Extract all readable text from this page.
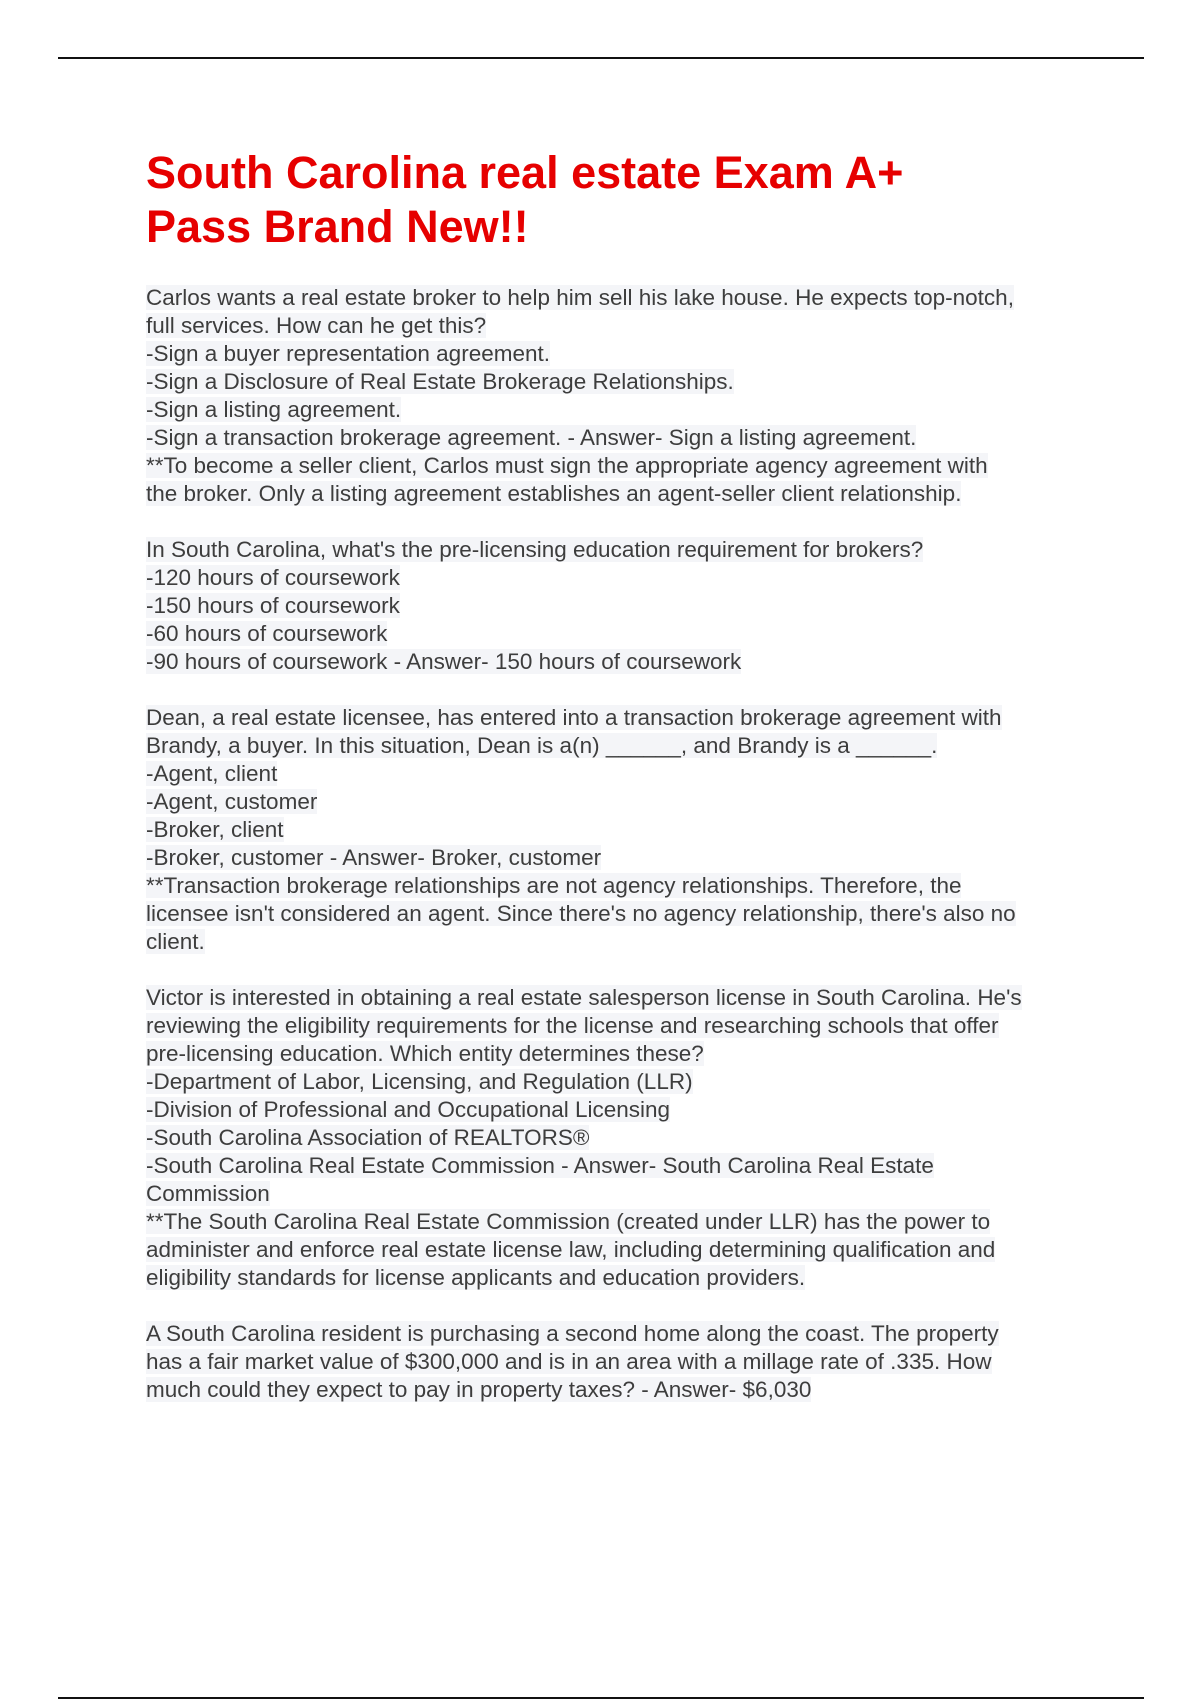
South Carolina real estate Exam A+ Pass Brand New!!
Carlos wants a real estate broker to help him sell his lake house. He expects top-notch,
full services. How can he get this?
-Sign a buyer representation agreement.
-Sign a Disclosure of Real Estate Brokerage Relationships.
-Sign a listing agreement.
-Sign a transaction brokerage agreement. - Answer- Sign a listing agreement.
**To become a seller client, Carlos must sign the appropriate agency agreement with
the broker. Only a listing agreement establishes an agent-seller client relationship.
In South Carolina, what's the pre-licensing education requirement for brokers?
-120 hours of coursework
-150 hours of coursework
-60 hours of coursework
-90 hours of coursework - Answer- 150 hours of coursework
Dean, a real estate licensee, has entered into a transaction brokerage agreement with
Brandy, a buyer. In this situation, Dean is a(n) ______, and Brandy is a ______.
-Agent, client
-Agent, customer
-Broker, client
-Broker, customer - Answer- Broker, customer
**Transaction brokerage relationships are not agency relationships. Therefore, the
licensee isn't considered an agent. Since there's no agency relationship, there's also no
client.
Victor is interested in obtaining a real estate salesperson license in South Carolina. He's
reviewing the eligibility requirements for the license and researching schools that offer
pre-licensing education. Which entity determines these?
-Department of Labor, Licensing, and Regulation (LLR)
-Division of Professional and Occupational Licensing
-South Carolina Association of REALTORS®
-South Carolina Real Estate Commission - Answer- South Carolina Real Estate
Commission
**The South Carolina Real Estate Commission (created under LLR) has the power to
administer and enforce real estate license law, including determining qualification and
eligibility standards for license applicants and education providers.
A South Carolina resident is purchasing a second home along the coast. The property
has a fair market value of $300,000 and is in an area with a millage rate of .335. How
much could they expect to pay in property taxes? - Answer- $6,030
